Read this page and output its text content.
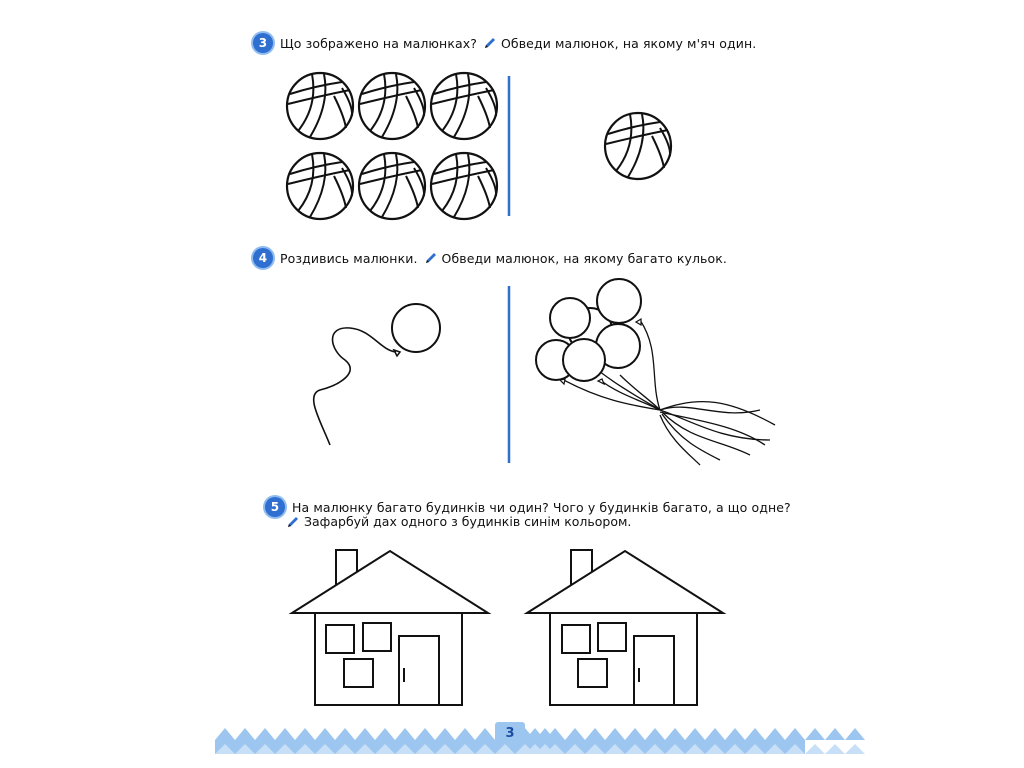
3	Що зображено на малюнках? Обведи малюнок, на якому м'яч один.
4	Роздивись малюнки. Обведи малюнок, на якому багато кульок.
5	На малюнку багато будинків чи один? Чого у будинків багато, а що одне?
Зафарбуй дах одного з будинків синім кольором.
3
